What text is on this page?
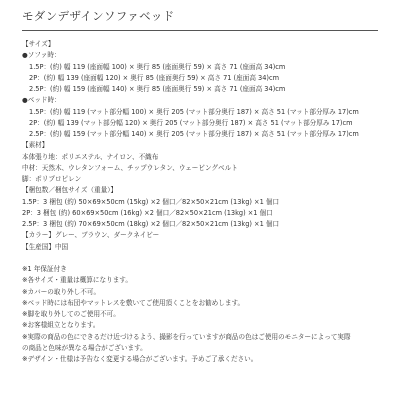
モダンデザインソファベッド
【サイズ】
●ソファ時：
1.5P：(約) 幅 119 (座面幅 100) × 奥行 85 (座面奥行 59) × 高さ 71 (座面高 34)cm
2P：(約) 幅 139 (座面幅 120) × 奥行 85 (座面奥行 59) × 高さ 71 (座面高 34)cm
2.5P：(約) 幅 159 (座面幅 140) × 奥行 85 (座面奥行 59) × 高さ 71 (座面高 34)cm
●ベッド時：
1.5P：(約) 幅 119 (マット部分幅 100) × 奥行 205 (マット部分奥行 187) × 高さ 51 (マット部分厚み 17)cm
2P：(約) 幅 139 (マット部分幅 120) × 奥行 205 (マット部分奥行 187) × 高さ 51 (マット部分厚み 17)cm
2.5P：(約) 幅 159 (マット部分幅 140) × 奥行 205 (マット部分奥行 187) × 高さ 51 (マット部分厚み 17)cm
【素材】
本体張り地：ポリエステル、ナイロン、不織布
中材：天然木、ウレタンフォーム、チップウレタン、ウェービングベルト
脚：ポリプロピレン
【梱包数／梱包サイズ（重量）】
1.5P：3 梱包 (約) 50×69×50cm (15kg) ×2 個口／82×50×21cm (13kg) ×1 個口
2P：3 梱包 (約) 60×69×50cm (16kg) ×2 個口／82×50×21cm (13kg) ×1 個口
2.5P：3 梱包 (約) 70×69×50cm (18kg) ×2 個口／82×50×21cm (13kg) ×1 個口
【カラー】グレー、ブラウン、ダークネイビー
【生産国】中国
※1 年保証付き
※各サイズ・重量は概算になります。
※カバーの取り外し不可。
※ベッド時には布団やマットレスを敷いてご使用頂くことをお勧めします。
※脚を取り外してのご使用不可。
※お客様組立となります。
※実際の商品の色にできるだけ近づけるよう、撮影を行っていますが商品の色はご使用のモニターによって実際
の商品と色味が異なる場合がございます。
※デザイン・仕様は予告なく変更する場合がございます。予めご了承ください。
